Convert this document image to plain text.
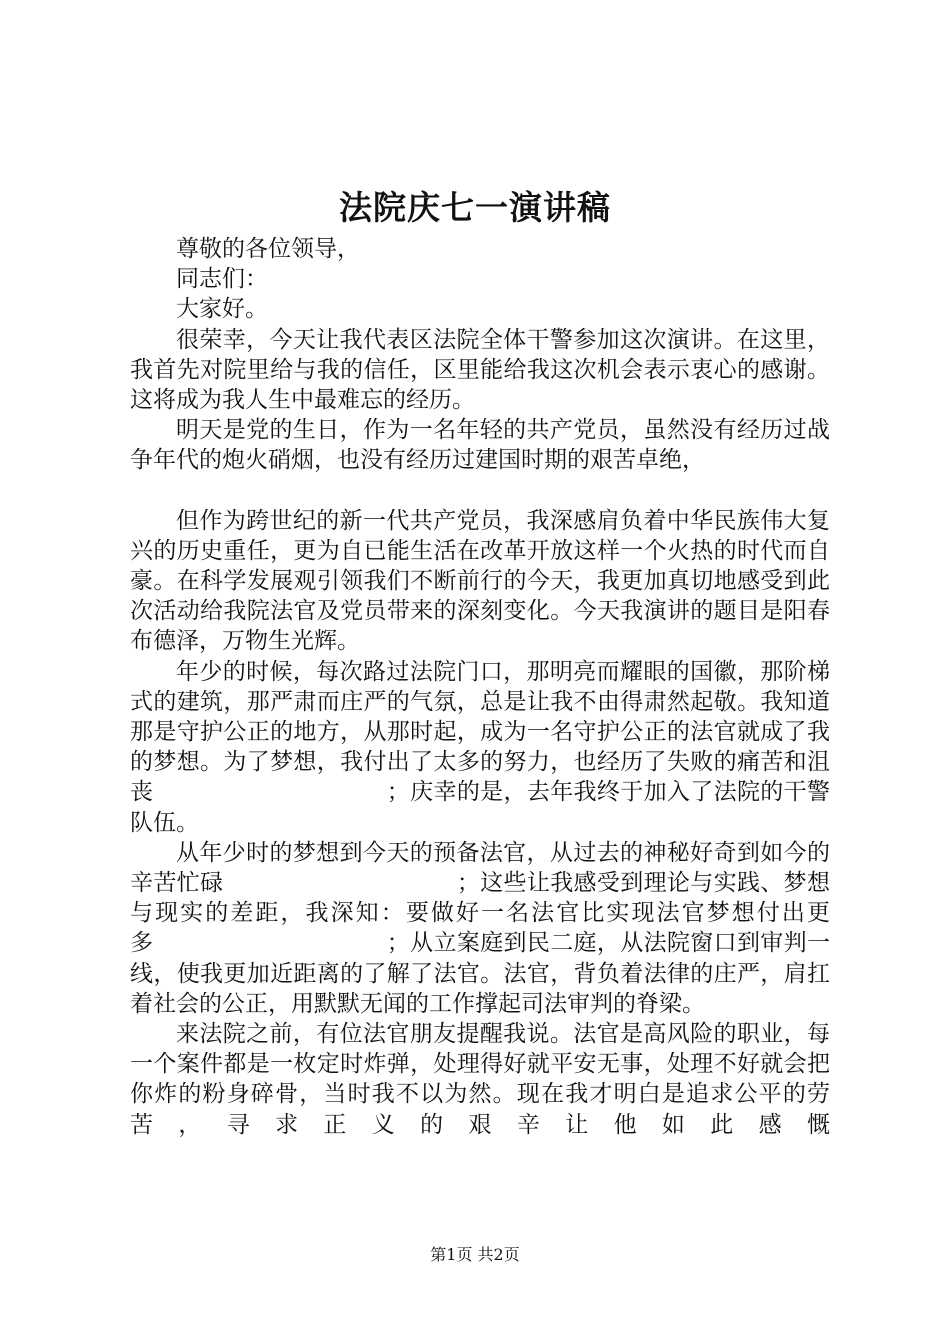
法院庆七一演讲稿

尊敬的各位领导，

同志们：

大家好。

很荣幸，今天让我代表区法院全体干警参加这次演讲。在这里，我首先对院里给与我的信任，区里能给我这次机会表示衷心的感谢。这将成为我人生中最难忘的经历。

明天是党的生日，作为一名年轻的共产党员，虽然没有经历过战争年代的炮火硝烟，也没有经历过建国时期的艰苦卓绝，

但作为跨世纪的新一代共产党员，我深感肩负着中华民族伟大复兴的历史重任，更为自已能生活在改革开放这样一个火热的时代而自豪。在科学发展观引领我们不断前行的今天，我更加真切地感受到此次活动给我院法官及党员带来的深刻变化。今天我演讲的题目是阳春布德泽，万物生光辉。

年少的时候，每次路过法院门口，那明亮而耀眼的国徽，那阶梯式的建筑，那严肃而庄严的气氛，总是让我不由得肃然起敬。我知道那是守护公正的地方，从那时起，成为一名守护公正的法官就成了我的梦想。为了梦想，我付出了太多的努力，也经历了失败的痛苦和沮丧　　　　　　　　　　；庆幸的是，去年我终于加入了法院的干警队伍。

从年少时的梦想到今天的预备法官，从过去的神秘好奇到如今的辛苦忙碌　　　　　　　　　　；这些让我感受到理论与实践、梦想与现实的差距，我深知：要做好一名法官比实现法官梦想付出更多　　　　　　　　　　；从立案庭到民二庭，从法院窗口到审判一线，使我更加近距离的了解了法官。法官，背负着法律的庄严，肩扛着社会的公正，用默默无闻的工作撑起司法审判的脊梁。

来法院之前，有位法官朋友提醒我说。法官是高风险的职业，每一个案件都是一枚定时炸弹，处理得好就平安无事，处理不好就会把你炸的粉身碎骨，当时我不以为然。现在我才明白是追求公平的劳苦，寻求正义的艰辛让他如此感慨

第1页 共2页
